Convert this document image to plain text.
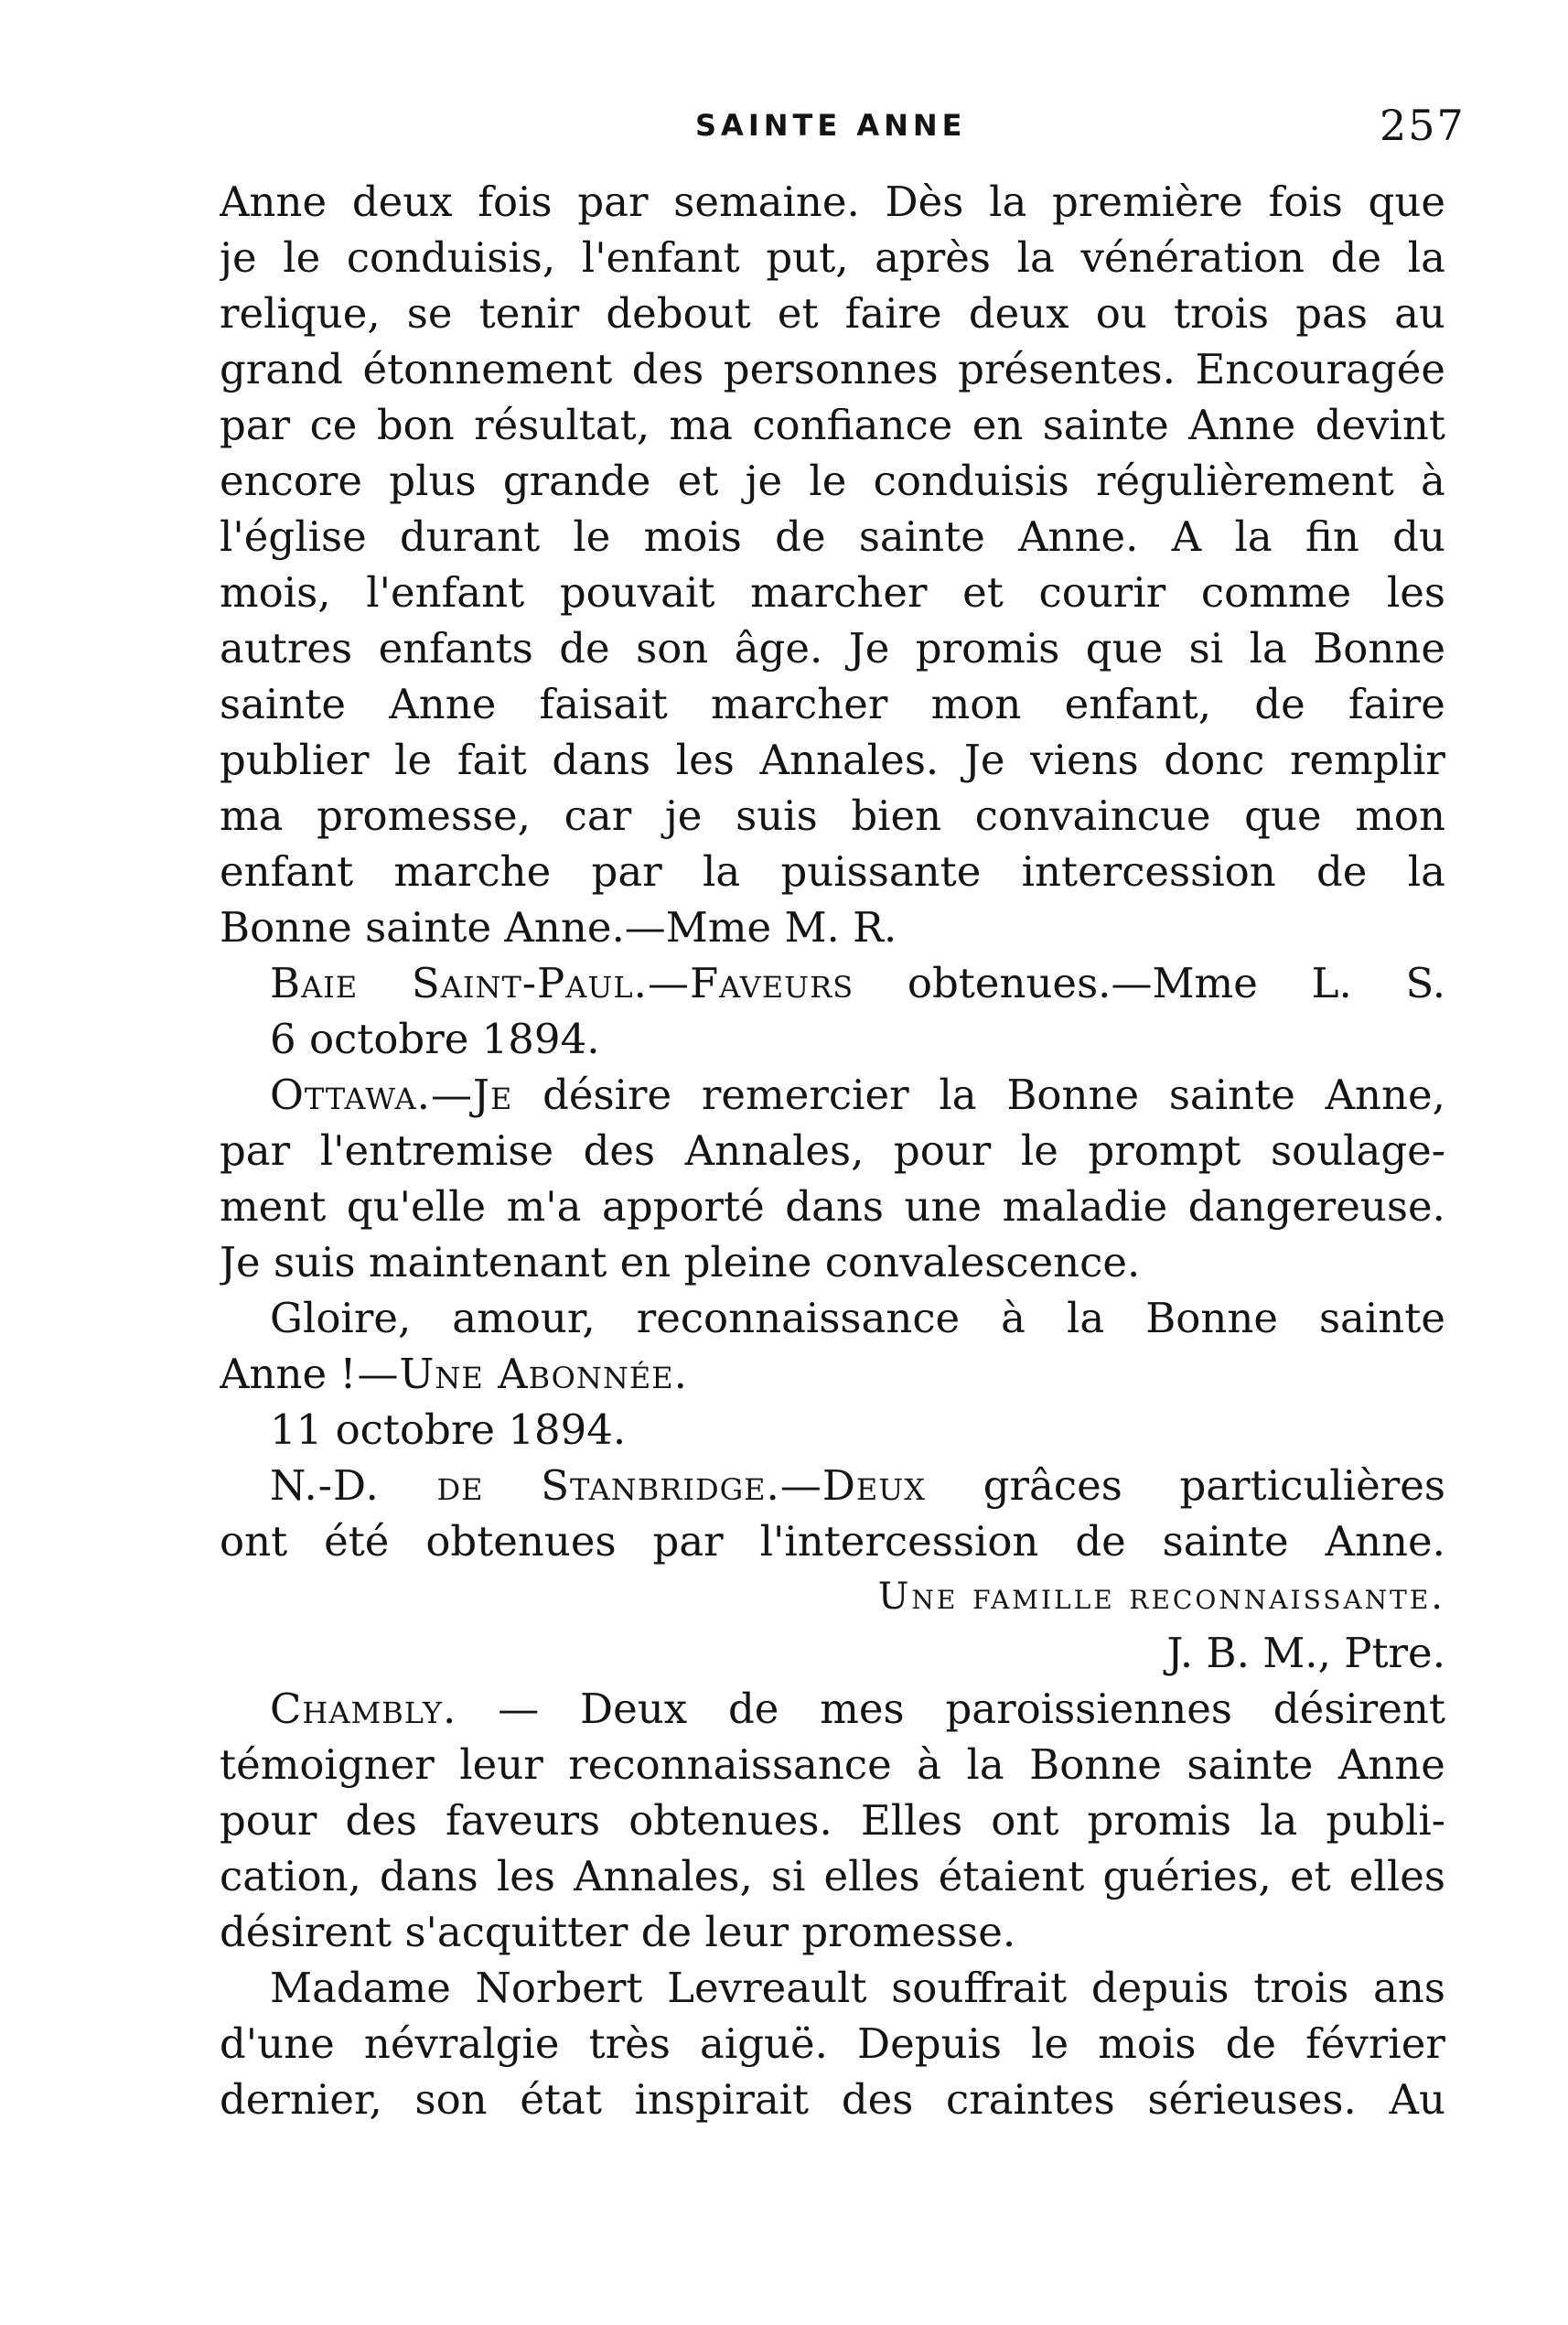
SAINTE ANNE	257
Anne deux fois par semaine. Dès la première fois que
je le conduisis, l'enfant put, après la vénération de la
relique, se tenir debout et faire deux ou trois pas au
grand étonnement des personnes présentes. Encouragée
par ce bon résultat, ma confiance en sainte Anne devint
encore plus grande et je le conduisis régulièrement à
l'église durant le mois de sainte Anne. A la fin du
mois, l'enfant pouvait marcher et courir comme les
autres enfants de son âge. Je promis que si la Bonne
sainte Anne faisait marcher mon enfant, de faire
publier le fait dans les Annales. Je viens donc remplir
ma promesse, car je suis bien convaincue que mon
enfant marche par la puissante intercession de la
Bonne sainte Anne.—Mme M. R.
Baie Saint-Paul.—Faveurs obtenues.—Mme L. S.
6 octobre 1894.
Ottawa.—Je désire remercier la Bonne sainte Anne,
par l'entremise des Annales, pour le prompt soulage-
ment qu'elle m'a apporté dans une maladie dangereuse.
Je suis maintenant en pleine convalescence.
Gloire, amour, reconnaissance à la Bonne sainte
Anne !—Une Abonnée.
11 octobre 1894.
N.-D. de Stanbridge.—Deux grâces particulières
ont été obtenues par l'intercession de sainte Anne.
Une famille reconnaissante.
J. B. M., Ptre.
Chambly. — Deux de mes paroissiennes désirent
témoigner leur reconnaissance à la Bonne sainte Anne
pour des faveurs obtenues. Elles ont promis la publi-
cation, dans les Annales, si elles étaient guéries, et elles
désirent s'acquitter de leur promesse.
Madame Norbert Levreault souffrait depuis trois ans
d'une névralgie très aiguë. Depuis le mois de février
dernier, son état inspirait des craintes sérieuses. Au
